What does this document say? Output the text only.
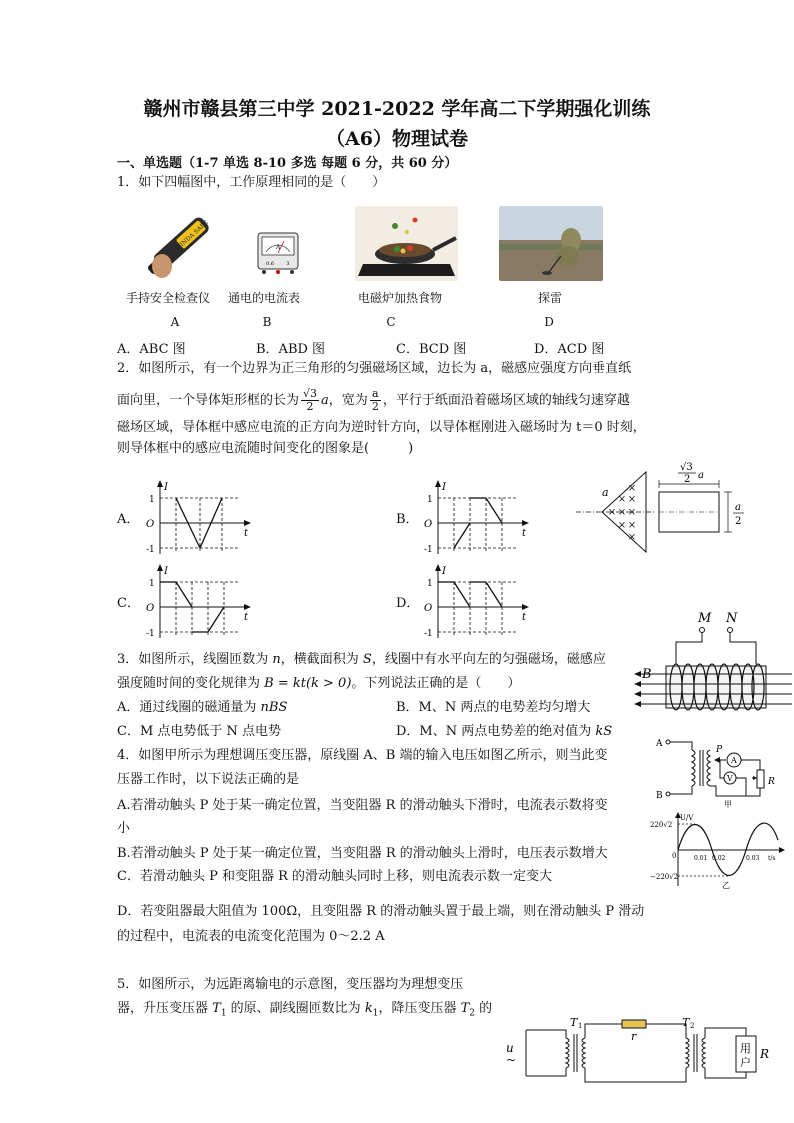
赣州市赣县第三中学 2021-2022 学年高二下学期强化训练
（A6）物理试卷
一、单选题（1-7 单选 8-10 多选 每题 6 分，共 60 分）
1．如下四幅图中，工作原理相同的是（　　）
MINDA SAFE	A
0.6 3
手持安全检查仪	通电的电流表	电磁炉加热食物	探雷
A	B	C	D
A．ABC 图	B．ABD 图	C．BCD 图	D．ACD 图
2．如图所示，有一个边界为正三角形的匀强磁场区域，边长为 a，磁感应强度方向垂直纸
面向里，一个导体矩形框的长为 $\frac{√3}{2}$ a，宽为 $\frac{a}{2}$ ，平行于纸面沿着磁场区域的轴线匀速穿越
磁场区域，导体框中感应电流的正方向为逆时针方向，以导体框刚进入磁场时为 t＝0 时刻，
则导体框中的感应电流随时间变化的图象是(　　　)
A．
I
O
t
1
-1
B．
I
O
t
1
-1
C．
I
O
t
1
-1
D．
I
O
t
1
-1
a
×
×
×
×
×
×
×
×
×
√3
2 a
a
2
3．如图所示，线圈匝数为 n，横截面积为 S，线圈中有水平向左的匀强磁场，磁感应
强度随时间的变化规律为 B = kt(k > 0)。下列说法正确的是（　　）
A．通过线圈的磁通量为 nBS	B．M、N 两点的电势差均匀增大
C．M 点电势低于 N 点电势	D．M、N 两点电势差的绝对值为 kS
M N
B
4．如图甲所示为理想调压变压器，原线圈 A、B 端的输入电压如图乙所示，则当此变
压器工作时，以下说法正确的是
A.若滑动触头 P 处于某一确定位置，当变阻器 R 的滑动触头下滑时，电流表示数将变
小
B.若滑动触头 P 处于某一确定位置，当变阻器 R 的滑动触头上滑时，电压表示数增大
C．若滑动触头 P 和变阻器 R 的滑动触头同时上移，则电流表示数一定变大
D．若变阻器最大阻值为 100Ω，且变阻器 R 的滑动触头置于最上端，则在滑动触头 P 滑动
的过程中，电流表的电流变化范围为 0～2.2 A
A
B
P
A
R
V
甲
U/V
220√2
−220√2
0	0.01 0.02	0.03 t/s
乙
5．如图所示，为远距离输电的示意图，变压器均为理想变压
器，升压变压器 $T_1$ 的原、副线圈匝数比为 $k_1$，降压变压器 $T_2$ 的
u
~
T 1
r
T 2
用
户
R
